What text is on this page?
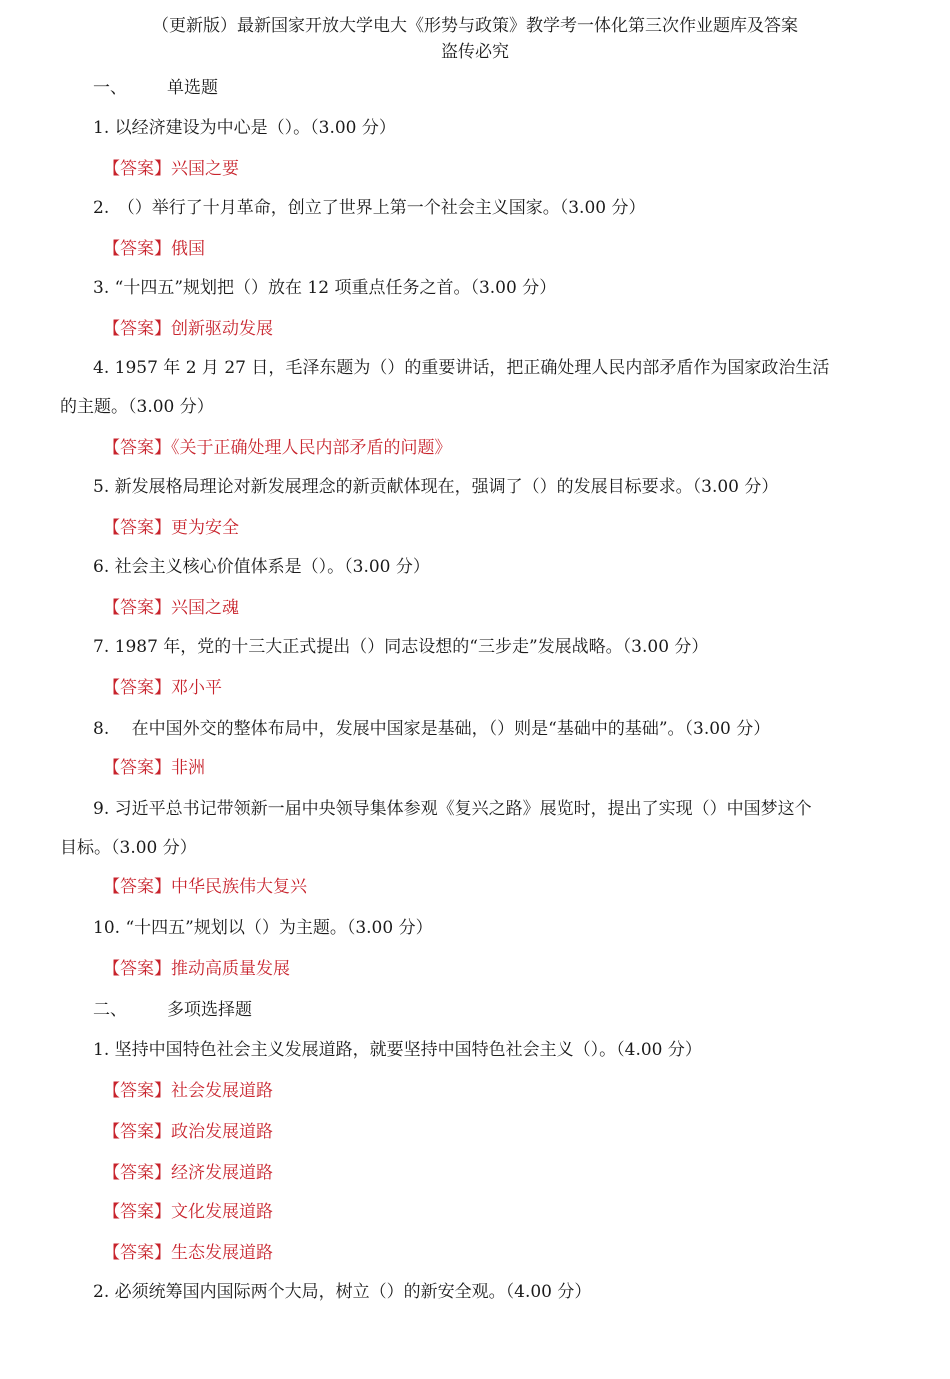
（更新版）最新国家开放大学电大《形势与政策》教学考一体化第三次作业题库及答案
盗传必究
一、 单选题
1. 以经济建设为中心是（）。（3.00 分）
【答案】兴国之要
2.　（）举行了十月革命，创立了世界上第一个社会主义国家。（3.00 分）
【答案】俄国
3. “十四五”规划把（）放在 12 项重点任务之首。（3.00 分）
【答案】创新驱动发展
4. 1957 年 2 月 27 日，毛泽东题为（）的重要讲话，把正确处理人民内部矛盾作为国家政治生活
的主题。（3.00 分）
【答案】《关于正确处理人民内部矛盾的问题》
5. 新发展格局理论对新发展理念的新贡献体现在，强调了（）的发展目标要求。（3.00 分）
【答案】更为安全
6. 社会主义核心价值体系是（）。（3.00 分）
【答案】兴国之魂
7. 1987 年，党的十三大正式提出（）同志设想的“三步走”发展战略。（3.00 分）
【答案】邓小平
8.　 在中国外交的整体布局中，发展中国家是基础，（）则是“基础中的基础”。（3.00 分）
【答案】非洲
9. 习近平总书记带领新一届中央领导集体参观《复兴之路》展览时，提出了实现（）中国梦这个
目标。（3.00 分）
【答案】中华民族伟大复兴
10. “十四五”规划以（）为主题。（3.00 分）
【答案】推动高质量发展
二、 多项选择题
1. 坚持中国特色社会主义发展道路，就要坚持中国特色社会主义（）。（4.00 分）
【答案】社会发展道路
【答案】政治发展道路
【答案】经济发展道路
【答案】文化发展道路
【答案】生态发展道路
2. 必须统筹国内国际两个大局，树立（）的新安全观。（4.00 分）
